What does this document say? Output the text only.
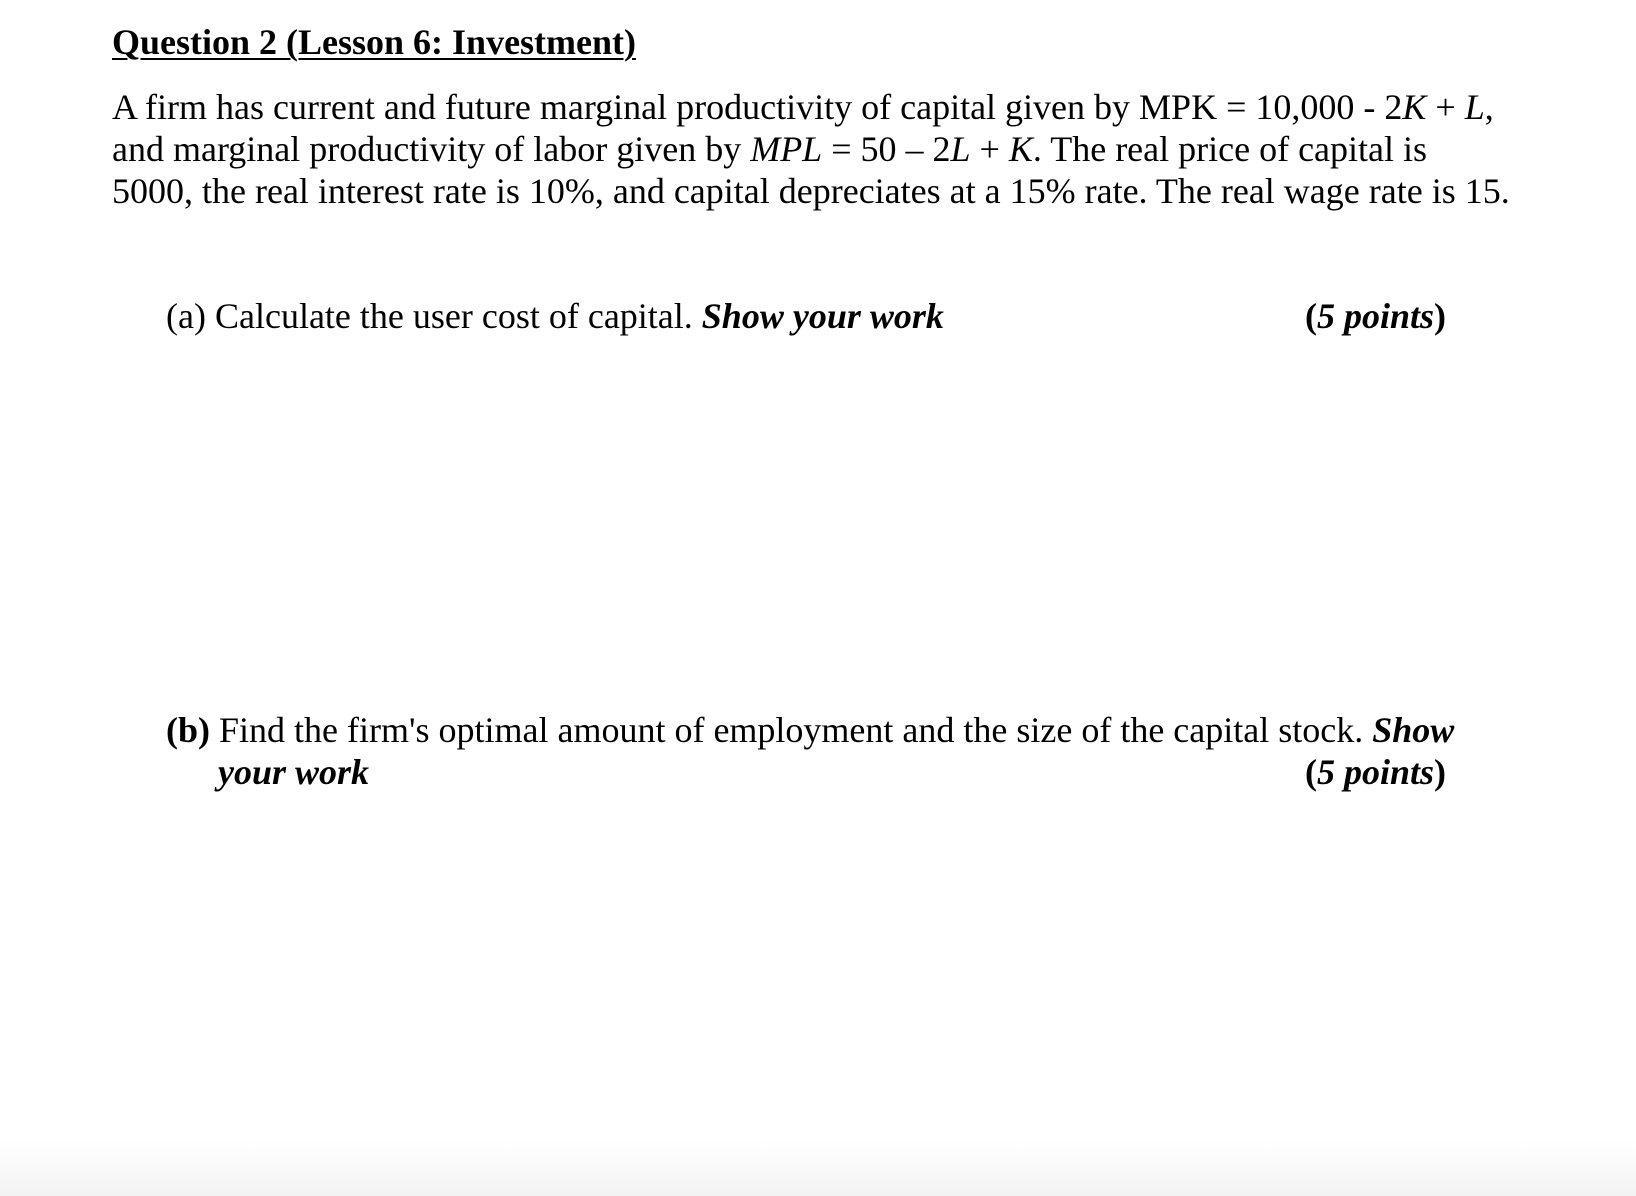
Question 2 (Lesson 6: Investment)
A firm has current and future marginal productivity of capital given by MPK = 10,000 - 2K + L,
and marginal productivity of labor given by MPL = 50 – 2L + K. The real price of capital is
5000, the real interest rate is 10%, and capital depreciates at a 15% rate. The real wage rate is 15.
(a) Calculate the user cost of capital. Show your work	(5 points)
(b) Find the firm's optimal amount of employment and the size of the capital stock. Show
your work	(5 points)
